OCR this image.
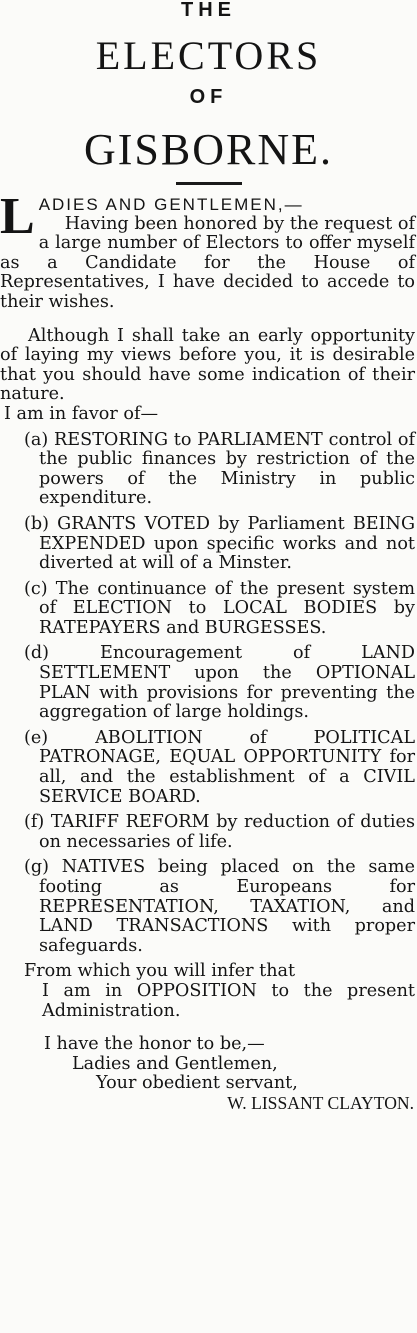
THE
ELECTORS
OF
GISBORNE.
L ADIES AND GENTLEMEN,—

Having been honored by the request of a large number of Electors to offer myself as a Candidate for the House of Representatives, I have decided to accede to their wishes.

Although I shall take an early opportunity of laying my views before you, it is desirable that you should have some indication of their nature.

I am in favor of—

(a) RESTORING to PARLIAMENT control of the public finances by restriction of the powers of the Ministry in public expenditure.
(b) GRANTS VOTED by Parliament BEING EXPENDED upon specific works and not diverted at will of a Minster.
(c) The continuance of the present system of ELECTION to LOCAL BODIES by RATEPAYERS and BURGESSES.
(d)	Encouragement of LAND SETTLEMENT upon the OPTIONAL PLAN with provisions for preventing the aggregation of large holdings.
(e)	ABOLITION of POLITICAL PATRONAGE, EQUAL OPPORTUNITY for all, and the establishment of a CIVIL SERVICE BOARD.
(f) TARIFF REFORM by reduction of duties on necessaries of life.
(g) NATIVES being placed on the same footing as Europeans for REPRESENTATION, TAXATION, and LAND TRANSACTIONS with proper safeguards.

From which you will infer that

I am in OPPOSITION to the present Administration.

I have the honor to be,—

Ladies and Gentlemen,

Your obedient servant,

W. LISSANT CLAYTON.
